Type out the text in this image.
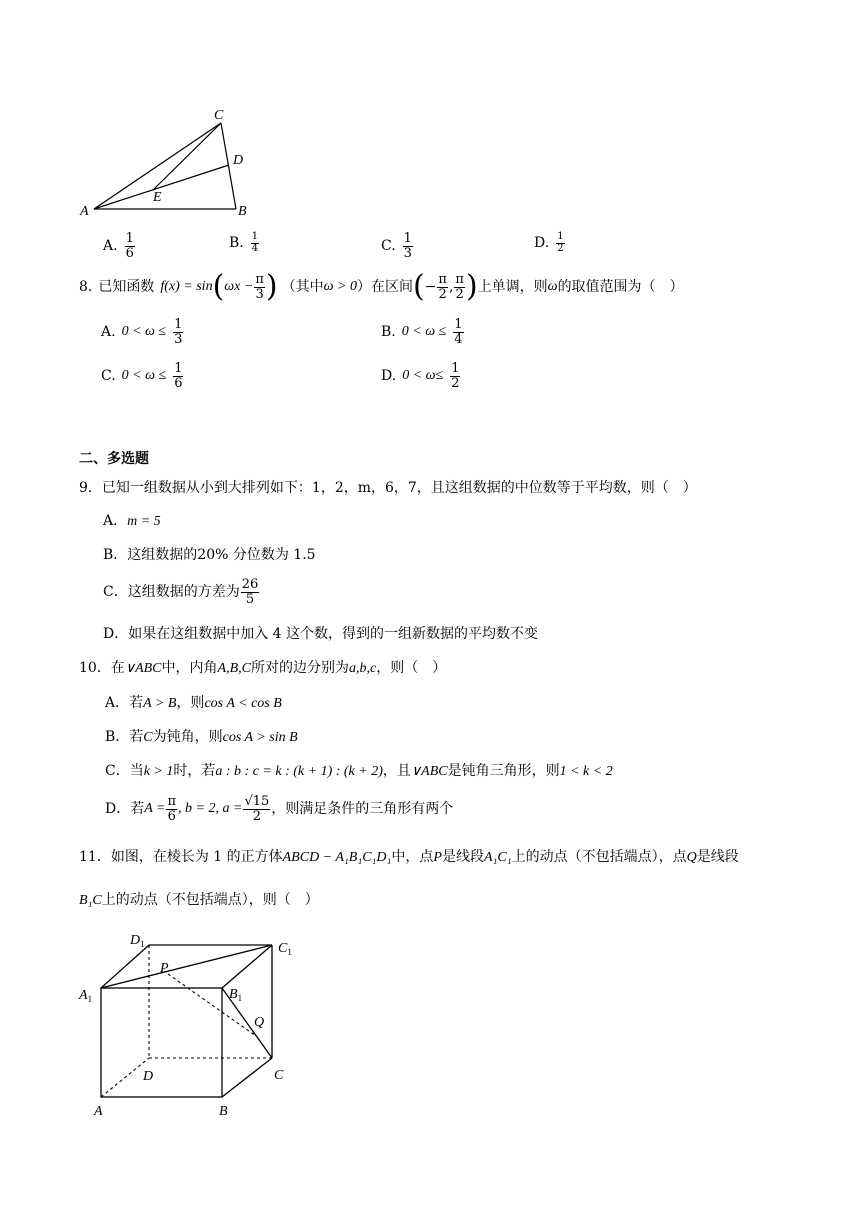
C
D
E
A	B
A. $\frac{1}{6}$	B. $\frac{1}{4}$	C. $\frac{1}{3}$	D. $\frac{1}{2}$
8. 已知函数 f(x) = sin ( $\omega x - \frac{\pi}{3}$ ) （其中 ω > 0 ）在区间 ( − $\frac{\pi}{2}$ , $\frac{\pi}{2}$ ) 上单调，则 ω 的取值范围为（　）
A. $0 < \omega \le \frac{1}{3}$	B. $0 < \omega \le \frac{1}{4}$
C. $0 < \omega \le \frac{1}{6}$	D. $0 < \omega\le \frac{1}{2}$
二、多选题
9．已知一组数据从小到大排列如下：1，2，m，6，7，且这组数据的中位数等于平均数，则（　）
A．m = 5
B．这组数据的20% 分位数为 1.5
C．这组数据的方差为 $\frac{26}{5}$
D．如果在这组数据中加入 4 这个数，得到的一组新数据的平均数不变
10．在∨ABC中，内角A,B,C所对的边分别为a,b,c，则（　）
A．若A > B，则cos A < cos B
B．若C为钝角，则cos A > sin B
C．当k > 1时，若a : b : c = k : (k + 1) : (k + 2)，且∨ABC是钝角三角形，则1 < k < 2
D．若 $A = \frac{\pi}{6}$ , b = 2, $a = \frac{√15}{2}$ ，则满足条件的三角形有两个
11．如图，在棱长为 1 的正方体ABCD − A₁B₁C₁D₁中，点P是线段A₁C₁上的动点（不包括端点），点Q是线段
B₁C上的动点（不包括端点），则（　）
$D_1$	$C_1$
$A_1$	$B_1$
P
Q
D	C
A	B
